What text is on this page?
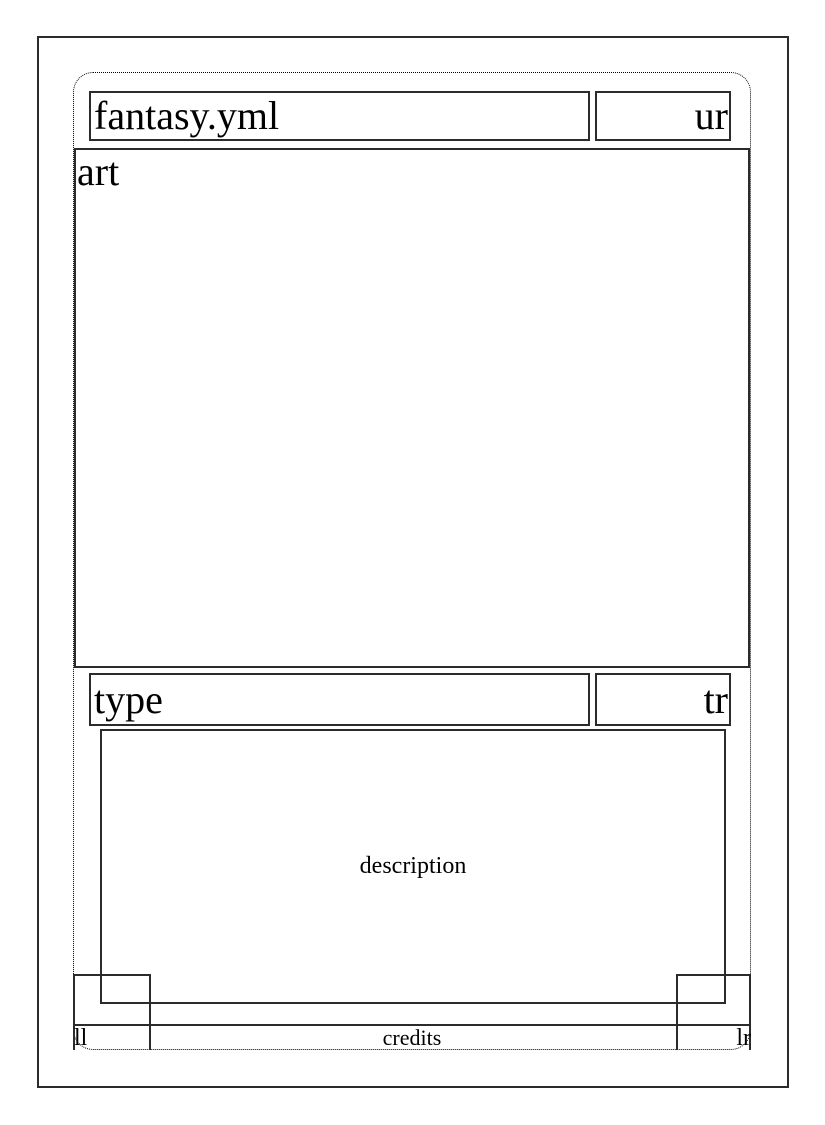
fantasy.yml	ur
art
type	tr
description
credits
ll	lr
